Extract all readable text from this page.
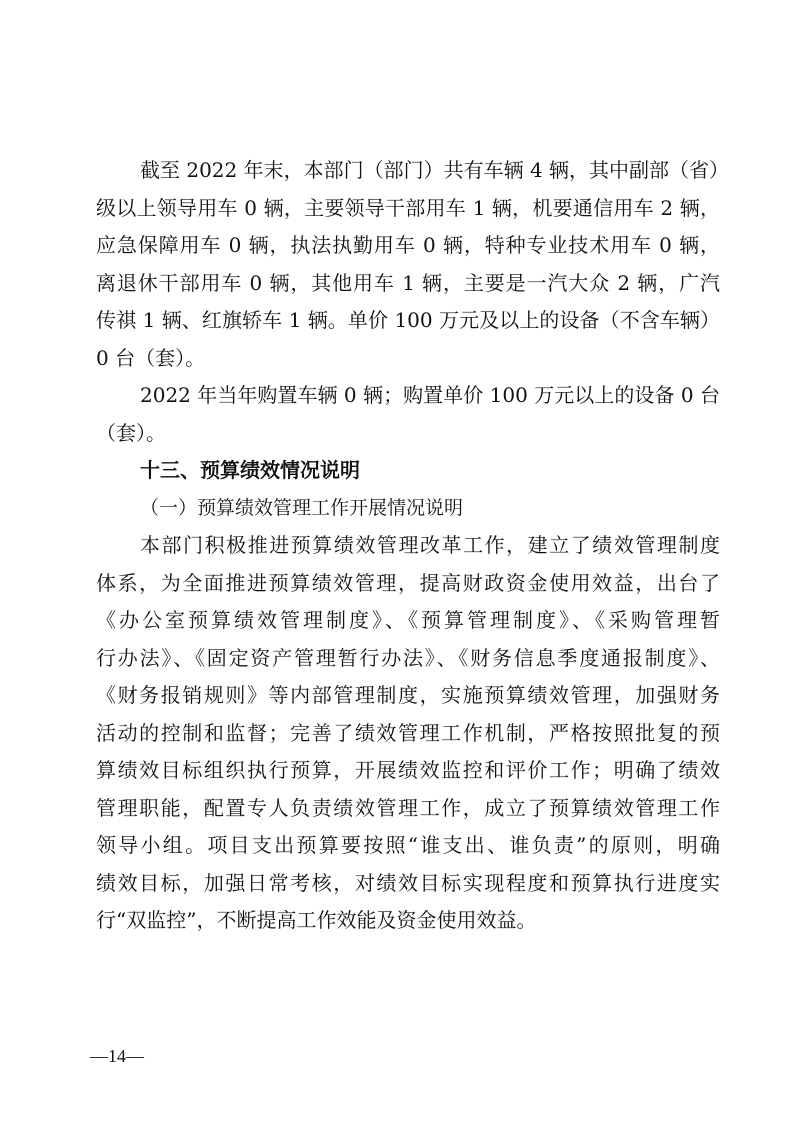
截至 2022 年末，本部门（部门）共有车辆 4 辆，其中副部（省）
级以上领导用车 0 辆，主要领导干部用车 1 辆，机要通信用车 2 辆，
应急保障用车 0 辆，执法执勤用车 0 辆，特种专业技术用车 0 辆，
离退休干部用车 0 辆，其他用车 1 辆，主要是一汽大众 2 辆，广汽
传祺 1 辆、红旗轿车 1 辆。单价 100 万元及以上的设备（不含车辆）
0 台（套）。
2022 年当年购置车辆 0 辆；购置单价 100 万元以上的设备 0 台
（套）。
十三、预算绩效情况说明
（一）预算绩效管理工作开展情况说明
本部门积极推进预算绩效管理改革工作，建立了绩效管理制度
体系，为全面推进预算绩效管理，提高财政资金使用效益，出台了
《办公室预算绩效管理制度》、《预算管理制度》、《采购管理暂
行办法》、《固定资产管理暂行办法》、《财务信息季度通报制度》、
《财务报销规则》等内部管理制度，实施预算绩效管理，加强财务
活动的控制和监督；完善了绩效管理工作机制，严格按照批复的预
算绩效目标组织执行预算，开展绩效监控和评价工作；明确了绩效
管理职能，配置专人负责绩效管理工作，成立了预算绩效管理工作
领导小组。项目支出预算要按照“谁支出、谁负责”的原则，明确
绩效目标，加强日常考核，对绩效目标实现程度和预算执行进度实
行“双监控”，不断提高工作效能及资金使用效益。
—14—
